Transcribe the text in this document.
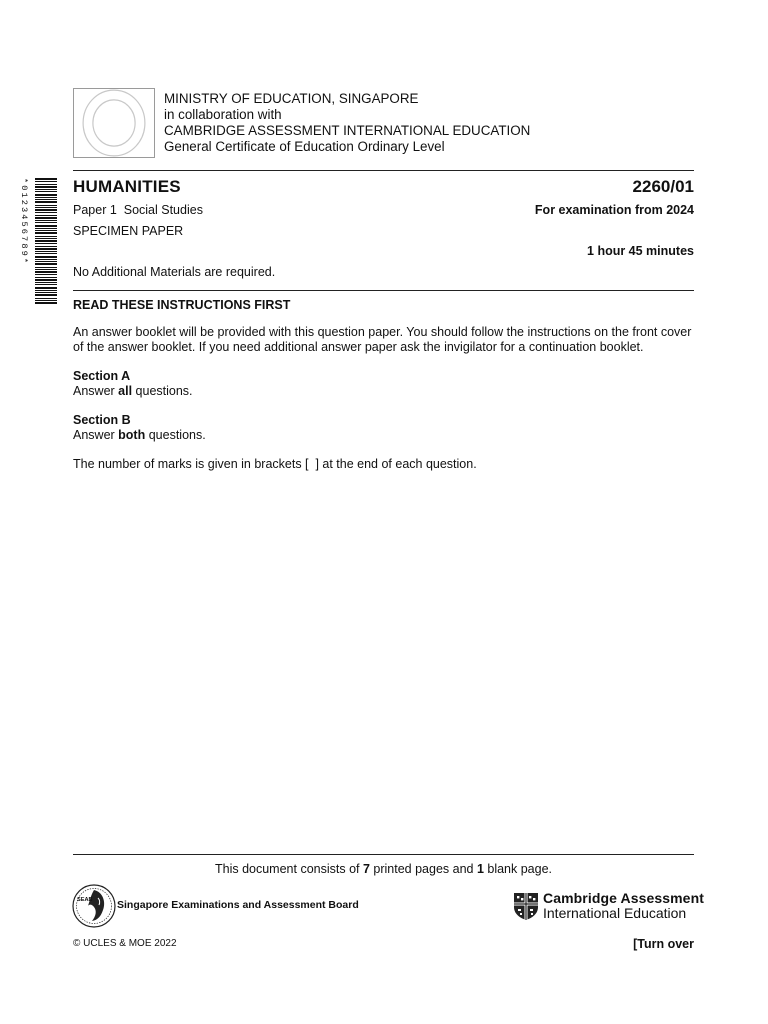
MINISTRY OF EDUCATION, SINGAPORE
in collaboration with
CAMBRIDGE ASSESSMENT INTERNATIONAL EDUCATION
General Certificate of Education Ordinary Level
*0123456789*	HUMANITIES	2260/01
Paper 1  Social Studies	For examination from 2024
SPECIMEN PAPER
1 hour 45 minutes
No Additional Materials are required.
READ THESE INSTRUCTIONS FIRST
An answer booklet will be provided with this question paper. You should follow the instructions on the front cover of the answer booklet. If you need additional answer paper ask the invigilator for a continuation booklet.
Section A
Answer all questions.
Section B
Answer both questions.
The number of marks is given in brackets [  ] at the end of each question.
This document consists of 7 printed pages and 1 blank page.
SEAB Singapore Examinations and Assessment Board	Cambridge Assessment
International Education
© UCLES & MOE 2022	[Turn over
